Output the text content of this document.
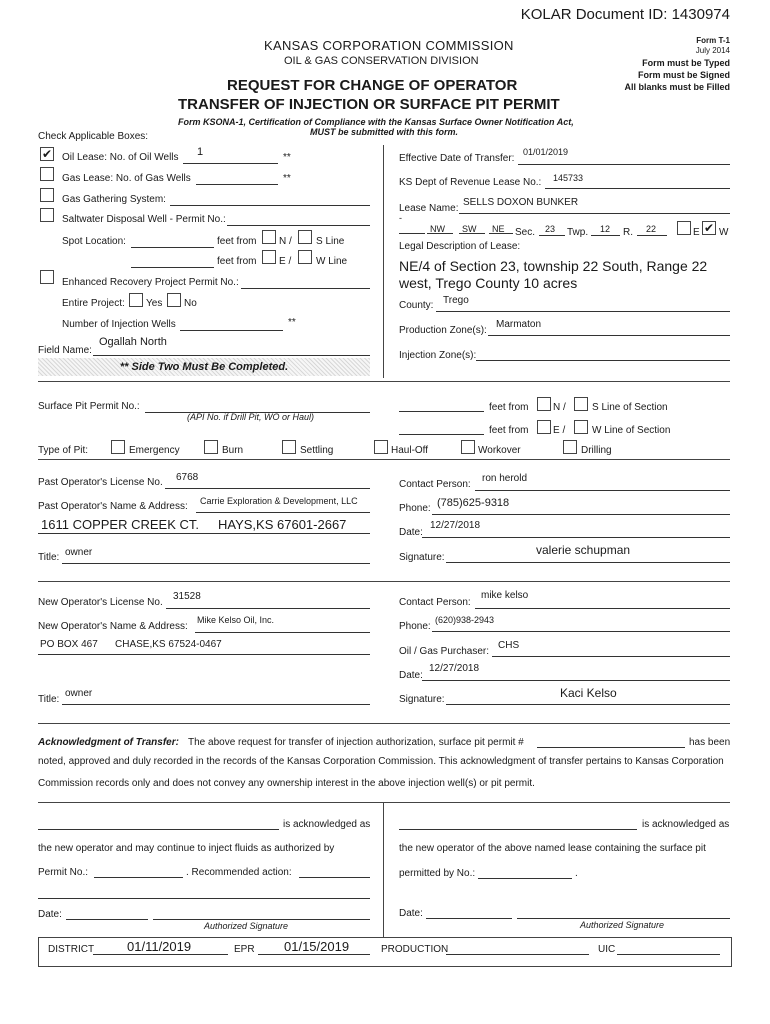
KOLAR Document ID: 1430974
KANSAS CORPORATION COMMISSION
OIL & GAS CONSERVATION DIVISION
Form T-1
July 2014
Form must be Typed
Form must be Signed
All blanks must be Filled
REQUEST FOR CHANGE OF OPERATOR
TRANSFER OF INJECTION OR SURFACE PIT PERMIT
Form KSONA-1, Certification of Compliance with the Kansas Surface Owner Notification Act,
MUST be submitted with this form.
Check Applicable Boxes:
✔ Oil Lease: No. of Oil Wells 1	**
Gas Lease: No. of Gas Wells	**
Gas Gathering System:
Saltwater Disposal Well - Permit No.:
Spot Location:	feet from N / S Line
feet from E / W Line
Enhanced Recovery Project Permit No.:
Entire Project: Yes No
Number of Injection Wells	**
Field Name:
Ogallah North
** Side Two Must Be Completed.
Effective Date of Transfer:
01/01/2019
KS Dept of Revenue Lease No.: 145733
Lease Name:
SELLS DOXON BUNKER
-
NW SW NE Sec. 23 Twp. 12 R. 22	E ✔ W
Legal Description of Lease:
NE/4 of Section 23, township 22 South, Range 22
west, Trego County 10 acres
County: Trego
Production Zone(s):
Marmaton
Injection Zone(s):
Surface Pit Permit No.:
(API No. if Drill Pit, WO or Haul)
feet from N /	S Line of Section
feet from E /	W Line of Section
Type of Pit:	Emergency	Burn	Settling	Haul-Off	Workover	Drilling
Past Operator's License No. 6768
Past Operator's Name & Address: Carrie Exploration & Development, LLC
1611 COPPER CREEK CT. HAYS,KS 67601-2667
Title: owner
Contact Person:
ron herold
Phone: (785)625-9318
Date:
12/27/2018
Signature:
valerie schupman
New Operator's License No.
31528
New Operator's Name & Address:
Mike Kelso Oil, Inc.
PO BOX 467 CHASE,KS 67524-0467
Title:
owner
Contact Person:
mike kelso
Phone:
(620)938-2943
Oil / Gas Purchaser:
CHS
Date:
12/27/2018
Signature:	Kaci Kelso
Acknowledgment of Transfer: The above request for transfer of injection authorization, surface pit permit #	has been
noted, approved and duly recorded in the records of the Kansas Corporation Commission. This acknowledgment of transfer pertains to Kansas Corporation
Commission records only and does not convey any ownership interest in the above injection well(s) or pit permit.
is acknowledged as
the new operator and may continue to inject fluids as authorized by
Permit No.:	. Recommended action:
Date:
Authorized Signature
is acknowledged as
the new operator of the above named lease containing the surface pit
permitted by No.:	.
Date:
Authorized Signature
DISTRICT	01/11/2019	EPR 01/15/2019	PRODUCTION	UIC
